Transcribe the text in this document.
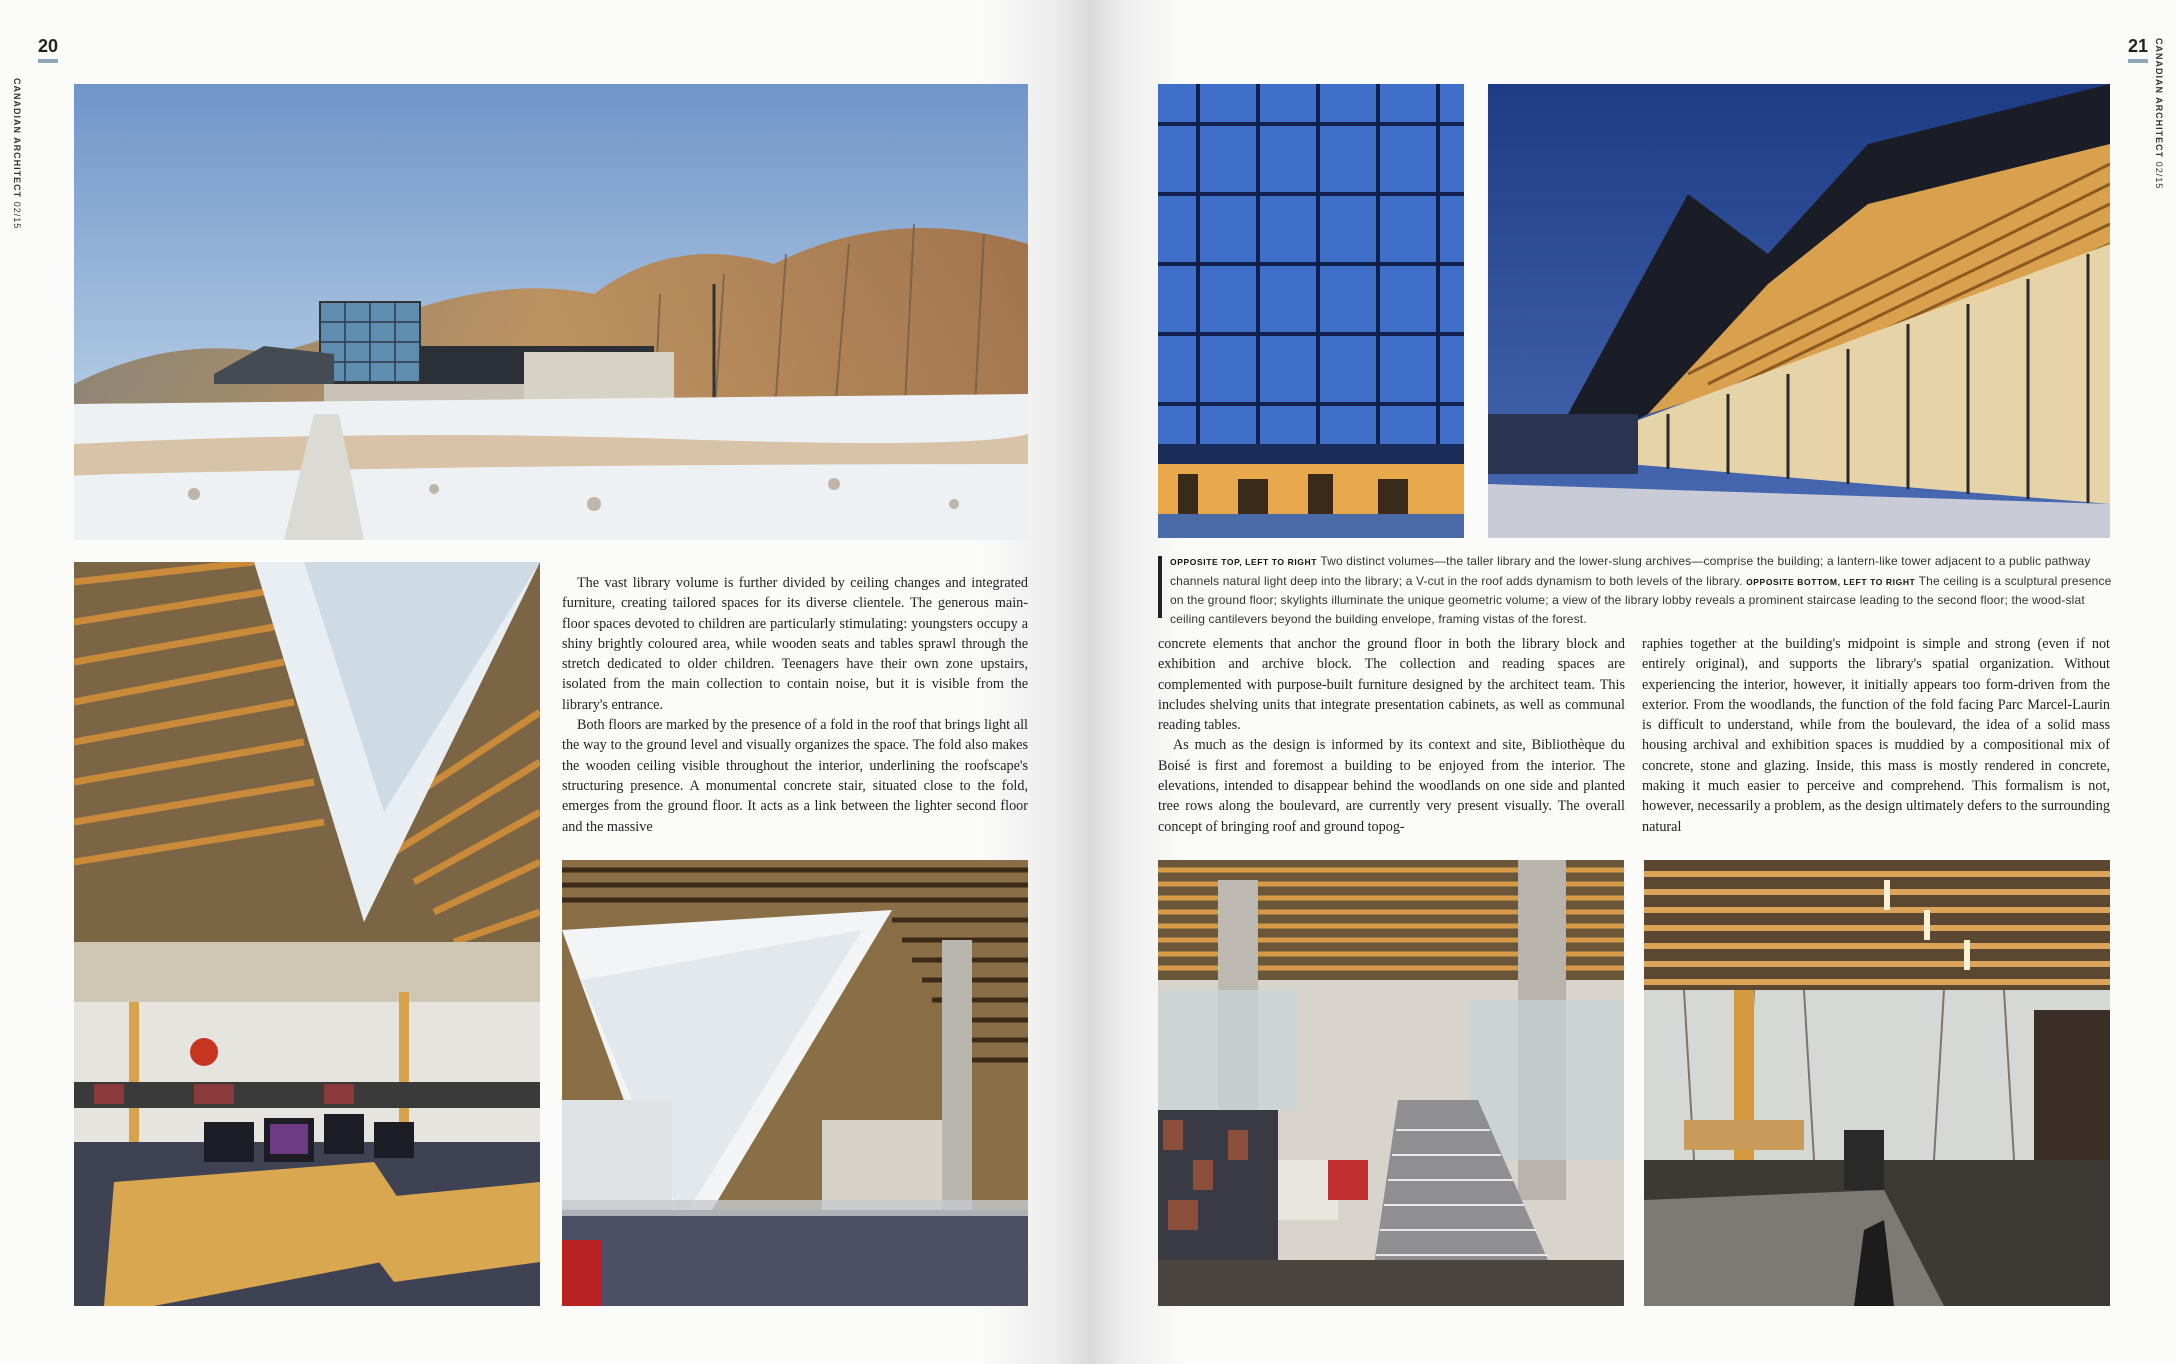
20
CANADIAN ARCHITECT 02/15

The vast library volume is further divided by ceiling changes and integrated furniture, creating tailored spaces for its diverse clientele. The generous main-floor spaces devoted to children are particularly stimulating: youngsters occupy a shiny brightly coloured area, while wooden seats and tables sprawl through the stretch dedicated to older children. Teenagers have their own zone upstairs, isolated from the main collection to contain noise, but it is visible from the library's entrance.

Both floors are marked by the presence of a fold in the roof that brings light all the way to the ground level and visually organizes the space. The fold also makes the wooden ceiling visible throughout the interior, underlining the roofscape's structuring presence. A monumental concrete stair, situated close to the fold, emerges from the ground floor. It acts as a link between the lighter second floor and the massive

21 CANADIAN ARCHITECT 02/15
OPPOSITE TOP, LEFT TO RIGHT Two distinct volumes—the taller library and the lower-slung archives—comprise the building; a lantern-like tower adjacent to a public pathway channels natural light deep into the library; a V-cut in the roof adds dynamism to both levels of the library. OPPOSITE BOTTOM, LEFT TO RIGHT The ceiling is a sculptural presence on the ground floor; skylights illuminate the unique geometric volume; a view of the library lobby reveals a prominent staircase leading to the second floor; the wood-slat ceiling cantilevers beyond the building envelope, framing vistas of the forest.

concrete elements that anchor the ground floor in both the library block and exhibition and archive block. The collection and reading spaces are complemented with purpose-built furniture designed by the architect team. This includes shelving units that integrate presentation cabinets, as well as communal reading tables.

As much as the design is informed by its context and site, Bibliothèque du Boisé is first and foremost a building to be enjoyed from the interior. The elevations, intended to disappear behind the woodlands on one side and planted tree rows along the boulevard, are currently very present visually. The overall concept of bringing roof and ground topog-

raphies together at the building's midpoint is simple and strong (even if not entirely original), and supports the library's spatial organization. Without experiencing the interior, however, it initially appears too form-driven from the exterior. From the woodlands, the function of the fold facing Parc Marcel-Laurin is difficult to understand, while from the boulevard, the idea of a solid mass housing archival and exhibition spaces is muddied by a compositional mix of concrete, stone and glazing. Inside, this mass is mostly rendered in concrete, making it much easier to perceive and comprehend. This formalism is not, however, necessarily a problem, as the design ultimately defers to the surrounding natural
